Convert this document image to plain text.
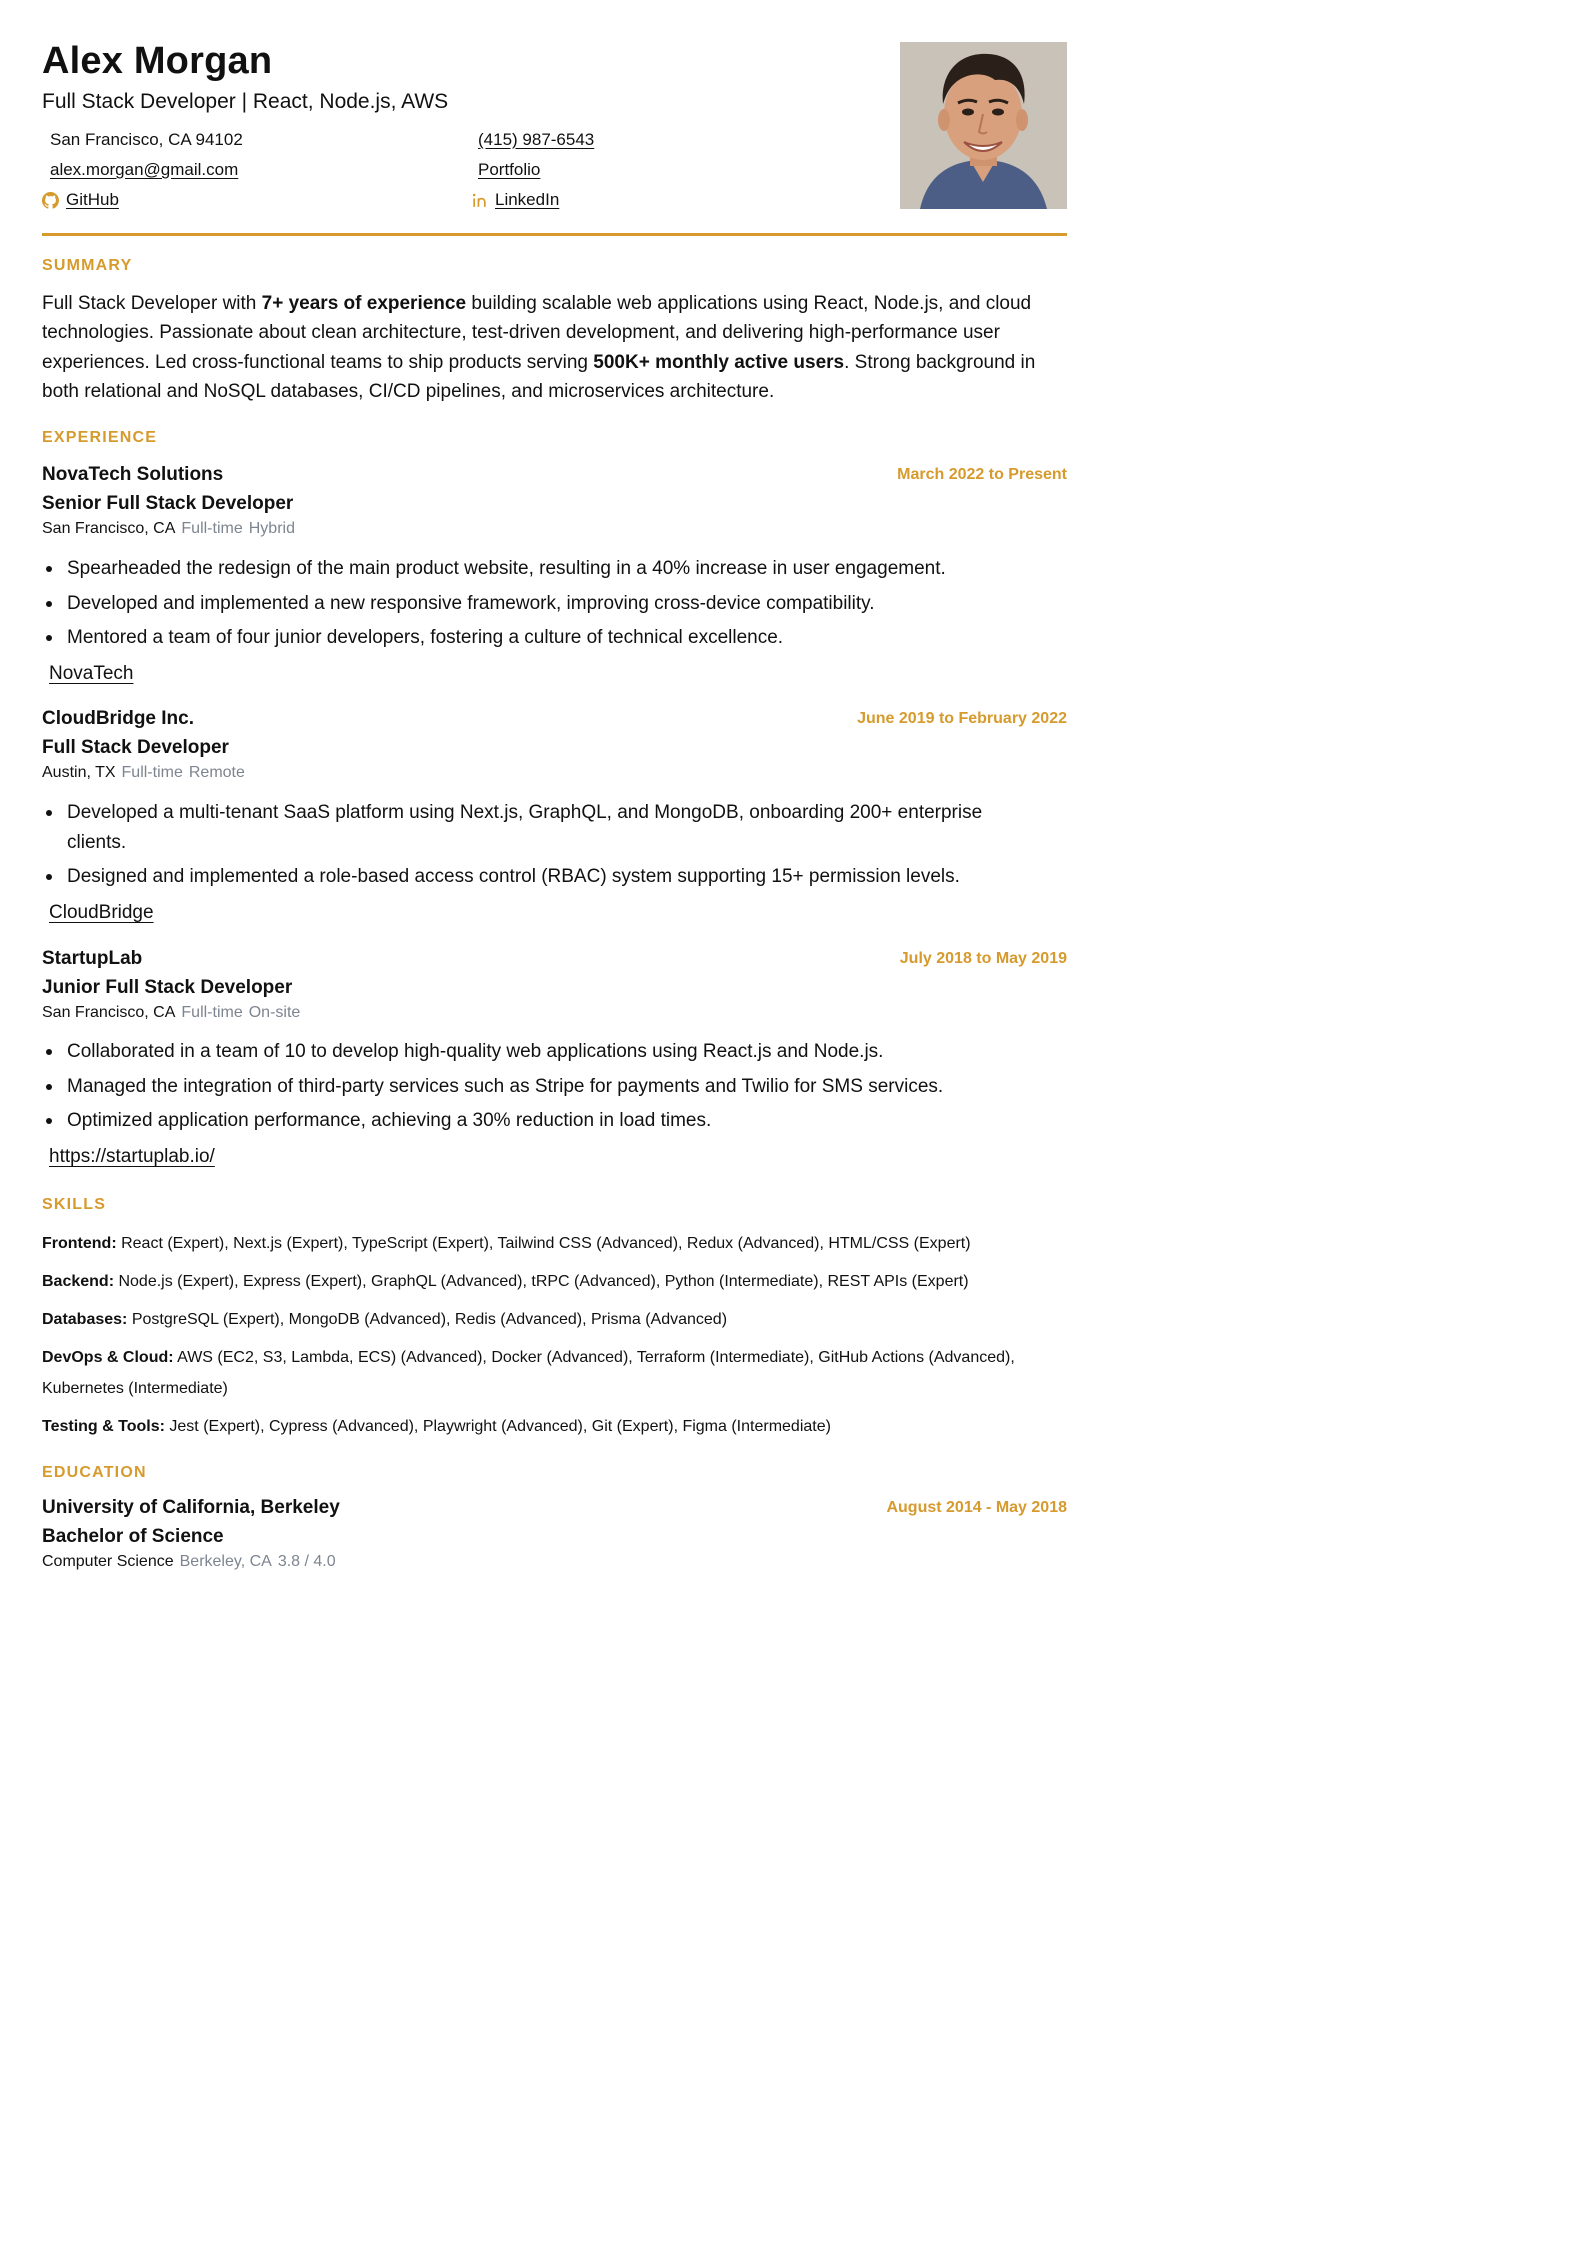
Alex Morgan
Full Stack Developer | React, Node.js, AWS
San Francisco, CA 94102	(415) 987-6543
alex.morgan@gmail.com	Portfolio
GitHub	LinkedIn
SUMMARY
Full Stack Developer with 7+ years of experience building scalable web applications using React, Node.js, and cloud technologies. Passionate about clean architecture, test-driven development, and delivering high-performance user experiences. Led cross-functional teams to ship products serving 500K+ monthly active users. Strong background in both relational and NoSQL databases, CI/CD pipelines, and microservices architecture.
EXPERIENCE
NovaTech Solutions	March 2022 to Present
Senior Full Stack Developer
San Francisco, CA Full-time Hybrid
Spearheaded the redesign of the main product website, resulting in a 40% increase in user engagement.
Developed and implemented a new responsive framework, improving cross-device compatibility.
Mentored a team of four junior developers, fostering a culture of technical excellence.
NovaTech
CloudBridge Inc.	June 2019 to February 2022
Full Stack Developer
Austin, TX Full-time Remote
Developed a multi-tenant SaaS platform using Next.js, GraphQL, and MongoDB, onboarding 200+ enterprise clients.
Designed and implemented a role-based access control (RBAC) system supporting 15+ permission levels.
CloudBridge
StartupLab	July 2018 to May 2019
Junior Full Stack Developer
San Francisco, CA Full-time On-site
Collaborated in a team of 10 to develop high-quality web applications using React.js and Node.js.
Managed the integration of third-party services such as Stripe for payments and Twilio for SMS services.
Optimized application performance, achieving a 30% reduction in load times.
https://startuplab.io/
SKILLS
Frontend: React (Expert), Next.js (Expert), TypeScript (Expert), Tailwind CSS (Advanced), Redux (Advanced), HTML/CSS (Expert)
Backend: Node.js (Expert), Express (Expert), GraphQL (Advanced), tRPC (Advanced), Python (Intermediate), REST APIs (Expert)
Databases: PostgreSQL (Expert), MongoDB (Advanced), Redis (Advanced), Prisma (Advanced)
DevOps & Cloud: AWS (EC2, S3, Lambda, ECS) (Advanced), Docker (Advanced), Terraform (Intermediate), GitHub Actions (Advanced), Kubernetes (Intermediate)
Testing & Tools: Jest (Expert), Cypress (Advanced), Playwright (Advanced), Git (Expert), Figma (Intermediate)
EDUCATION
University of California, Berkeley	August 2014 - May 2018
Bachelor of Science
Computer Science Berkeley, CA 3.8 / 4.0
